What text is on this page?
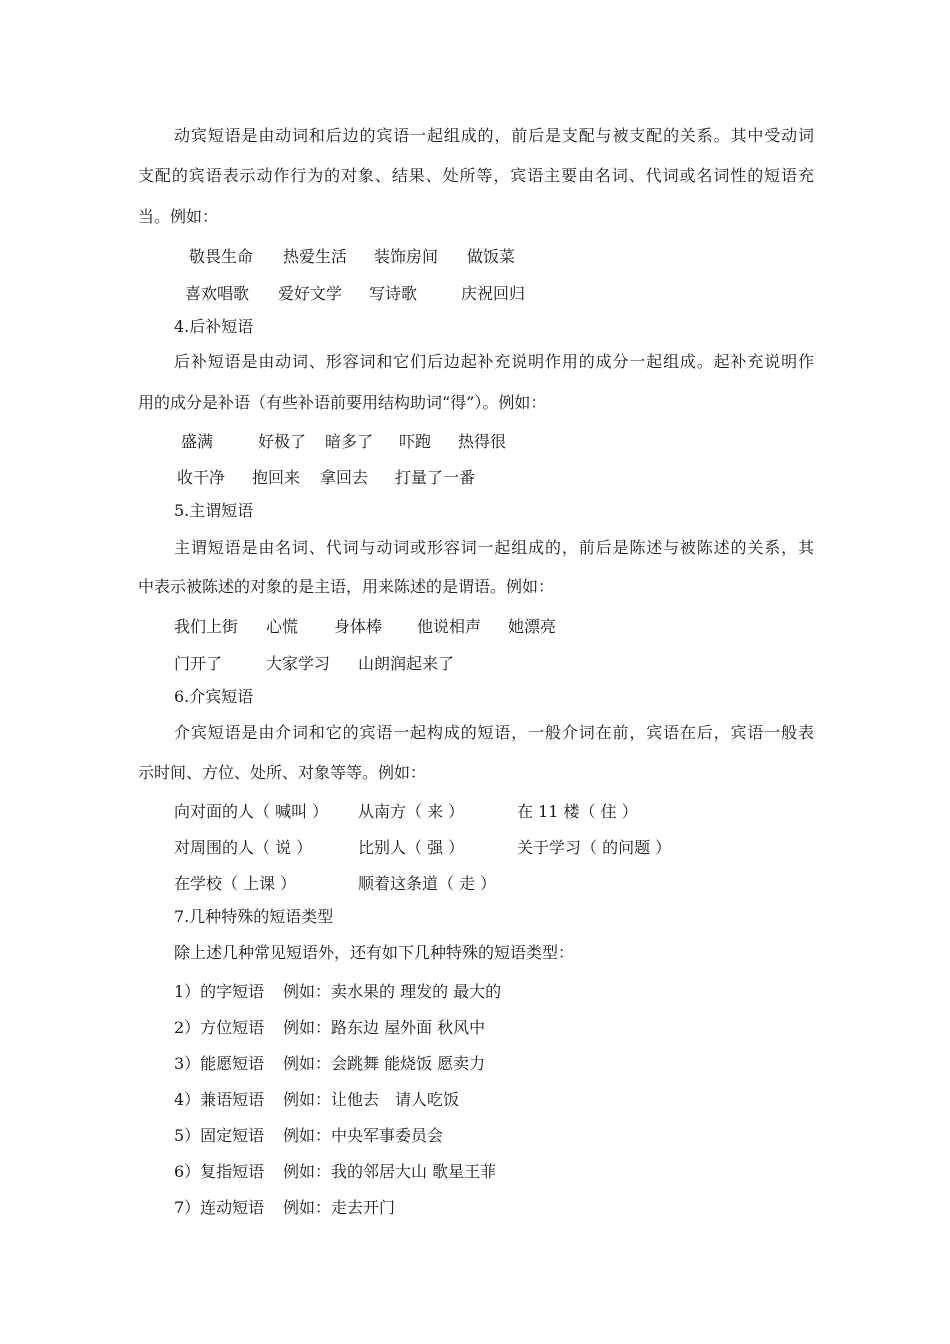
动宾短语是由动词和后边的宾语一起组成的，前后是支配与被支配的关系。其中受动词
支配的宾语表示动作行为的对象、结果、处所等，宾语主要由名词、代词或名词性的短语充
当。例如：
敬畏生命 热爱生活 装饰房间 做饭菜
喜欢唱歌 爱好文学 写诗歌	庆祝回归
4.后补短语
后补短语是由动词、形容词和它们后边起补充说明作用的成分一起组成。起补充说明作
用的成分是补语（有些补语前要用结构助词“得”）。例如：
盛满	好极了 暗多了 吓跑 热得很
收干净 抱回来 拿回去 打量了一番
5.主谓短语
主谓短语是由名词、代词与动词或形容词一起组成的，前后是陈述与被陈述的关系，其
中表示被陈述的对象的是主语，用来陈述的是谓语。例如：
我们上街 心慌 身体棒 他说相声 她漂亮
门开了	大家学习 山朗润起来了
6.介宾短语
介宾短语是由介词和它的宾语一起构成的短语，一般介词在前，宾语在后，宾语一般表
示时间、方位、处所、对象等等。例如：
向对面的人（ 喊叫 ） 从南方（ 来 ）	在 11 楼（ 住 ）
对周围的人（ 说 ）	比别人（ 强 ）	关于学习（ 的问题 ）
在学校（ 上课 ）	顺着这条道（ 走 ）
7.几种特殊的短语类型
除上述几种常见短语外，还有如下几种特殊的短语类型：
1）的字短语 例如：卖水果的 理发的 最大的
2）方位短语 例如：路东边 屋外面 秋风中
3）能愿短语 例如：会跳舞 能烧饭 愿卖力
4）兼语短语 例如：让他去　请人吃饭
5）固定短语 例如：中央军事委员会
6）复指短语 例如：我的邻居大山 歌星王菲
7）连动短语 例如：走去开门
